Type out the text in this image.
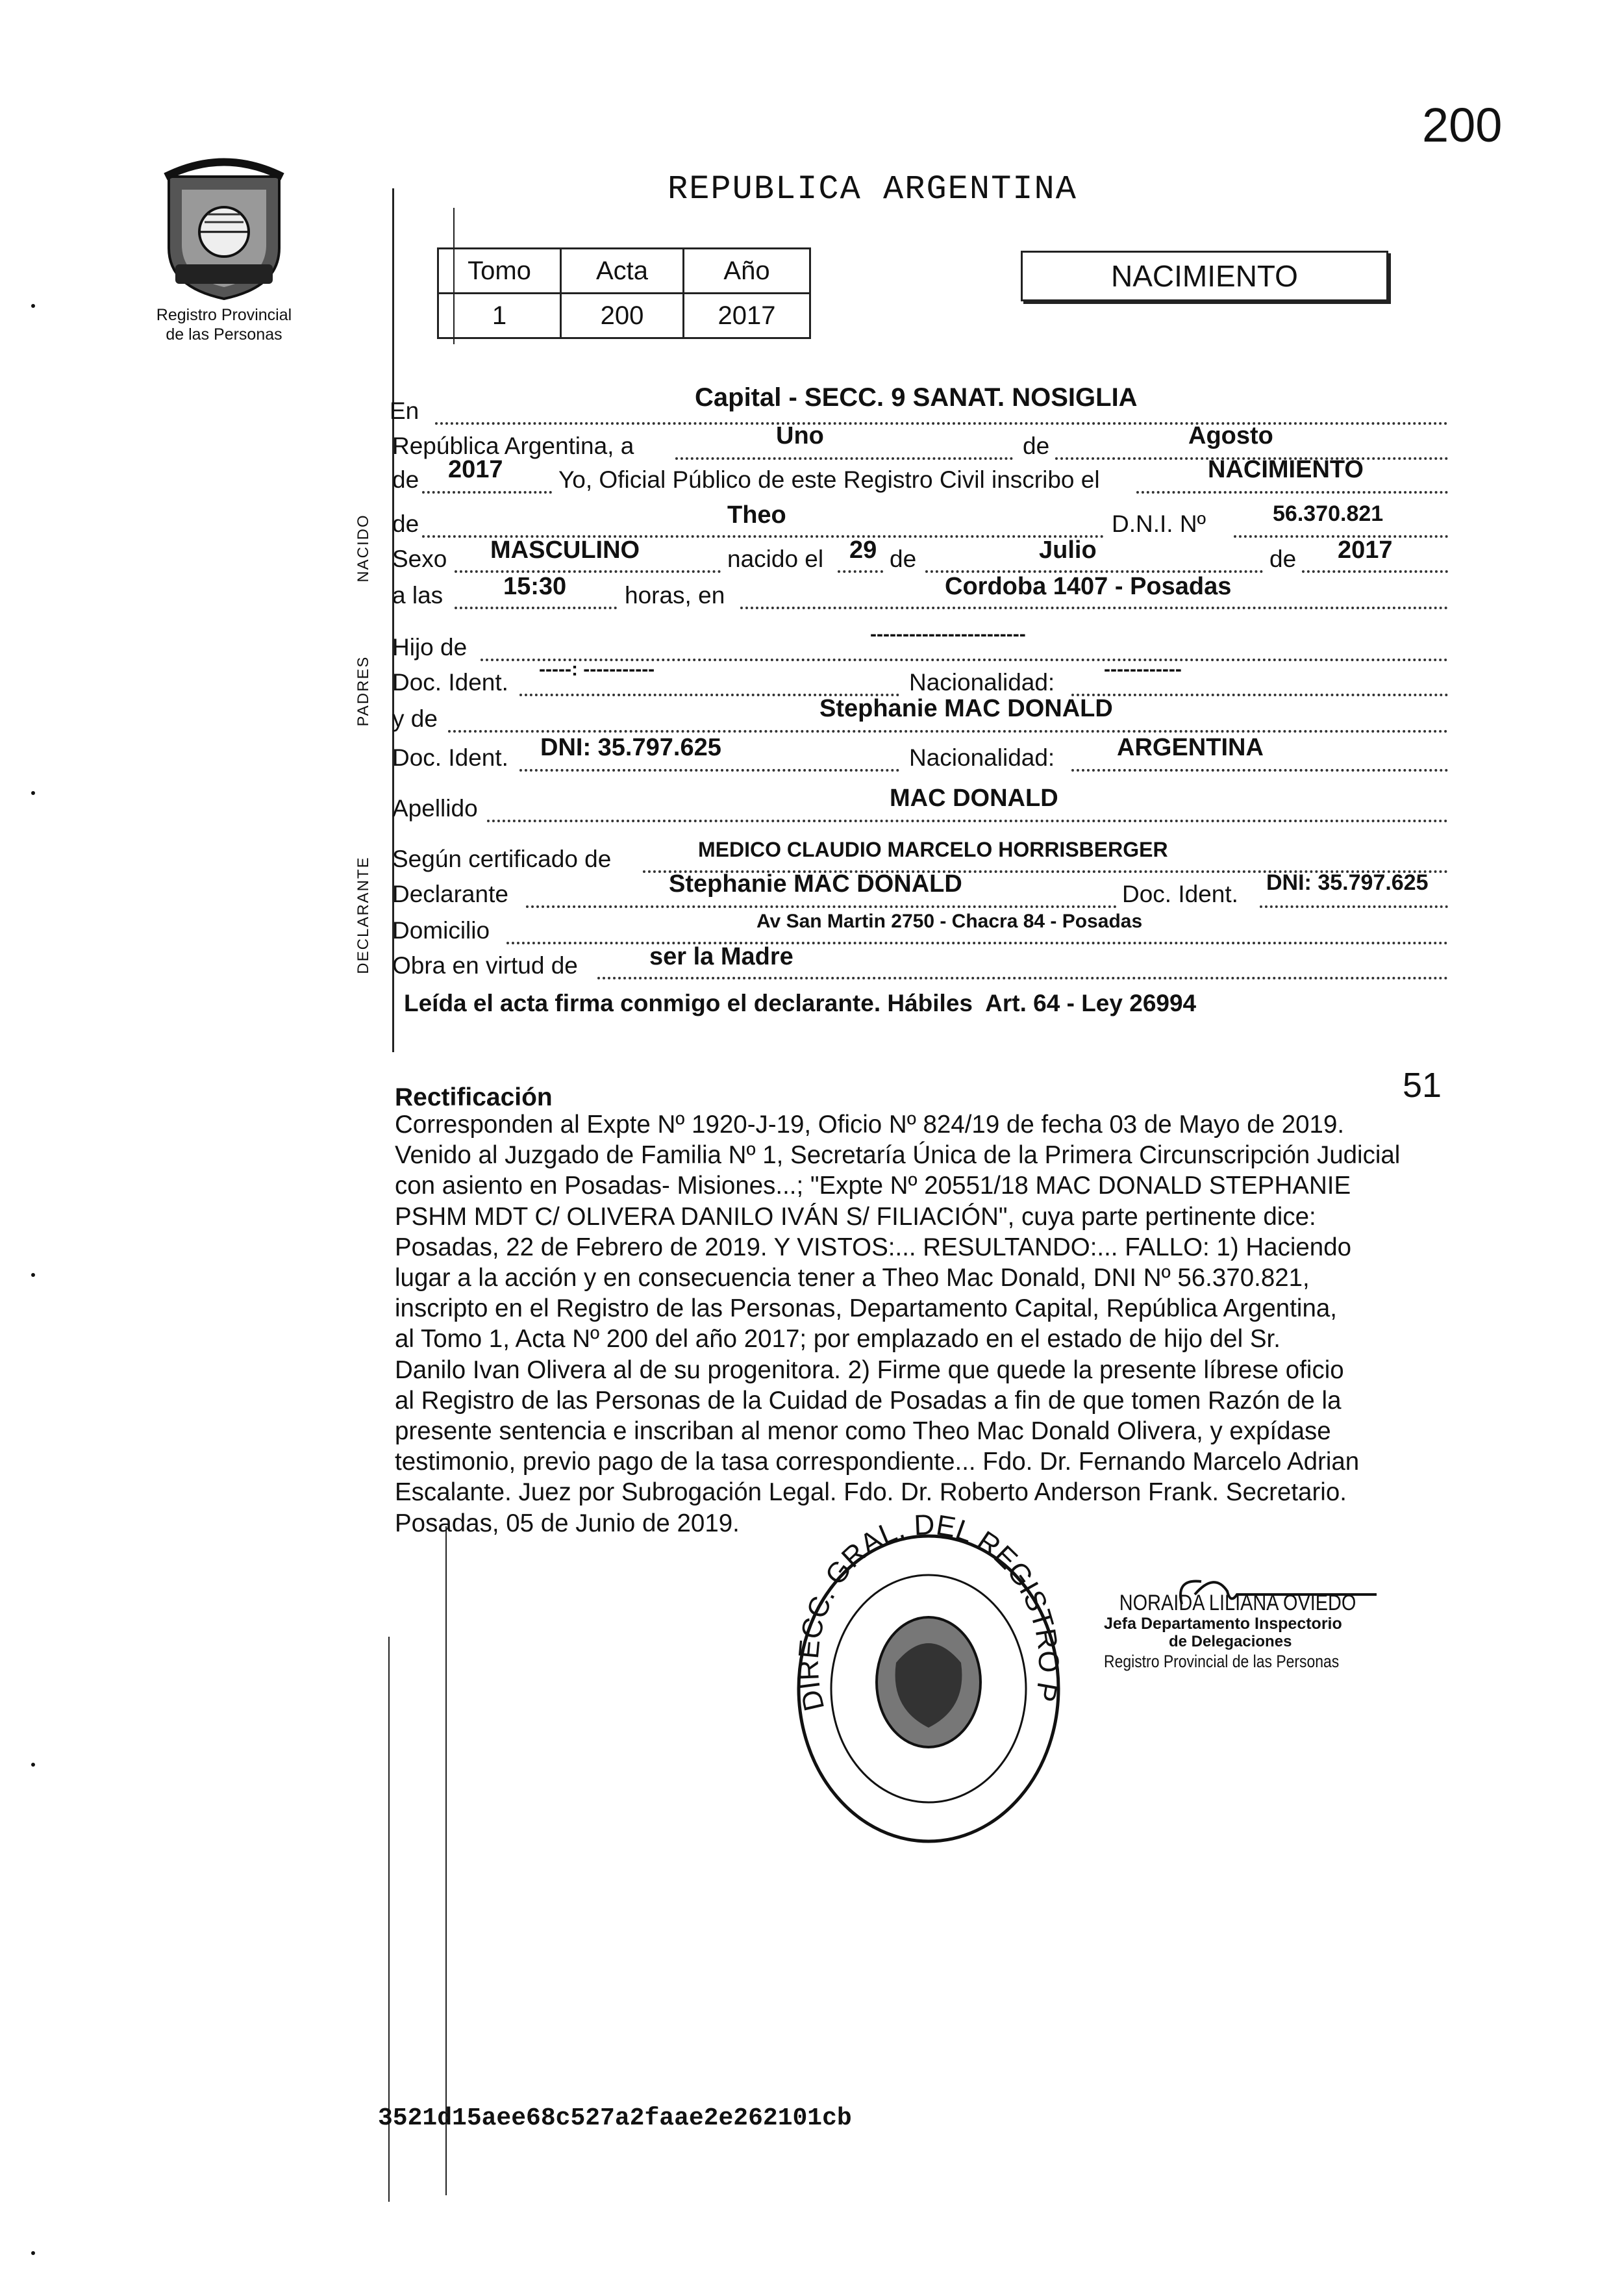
200
Registro Provincial
de las Personas
REPUBLICA ARGENTINA
Tomo	Acta	Año
1	200	2017
NACIMIENTO
NACIDO
PADRES
DECLARANTE
En	Capital - SECC. 9 SANAT. NOSIGLIA
República Argentina, a	Uno	de	Agosto
de 2017 Yo, Oficial Público de este Registro Civil inscribo el	NACIMIENTO
de	Theo	D.N.I. Nº	56.370.821
Sexo MASCULINO	nacido el 29 de	Julio	de 2017
a las 15:30 horas, en	Cordoba 1407 - Posadas
Hijo de	------------------------
Doc. Ident. -----: -----------	Nacionalidad:	------------
y de	Stephanie MAC DONALD
Doc. Ident. DNI: 35.797.625	Nacionalidad:	ARGENTINA
Apellido	MAC DONALD
Según certificado de	MEDICO CLAUDIO MARCELO HORRISBERGER
Declarante	Stephanie MAC DONALD	Doc. Ident. DNI: 35.797.625
Domicilio	Av San Martin 2750 - Chacra 84 - Posadas
Obra en virtud de	ser la Madre
Leída el acta firma conmigo el declarante. Hábiles  Art. 64 - Ley 26994
51
Rectificación

Corresponden al Expte Nº 1920-J-19, Oficio Nº 824/19 de fecha 03 de Mayo de 2019.

Venido al Juzgado de Familia Nº 1, Secretaría Única de la Primera Circunscripción Judicial

con asiento en Posadas- Misiones...; "Expte Nº 20551/18 MAC DONALD STEPHANIE

PSHM MDT C/ OLIVERA DANILO IVÁN S/ FILIACIÓN", cuya parte pertinente dice:

Posadas, 22 de Febrero de 2019. Y VISTOS:... RESULTANDO:... FALLO: 1) Haciendo

lugar a la acción y en consecuencia tener a Theo Mac Donald, DNI Nº 56.370.821,

inscripto en el Registro de las Personas, Departamento Capital, República Argentina,

al Tomo 1, Acta Nº 200 del año 2017; por emplazado en el estado de hijo del Sr.

Danilo Ivan Olivera al de su progenitora. 2) Firme que quede la presente líbrese oficio

al Registro de las Personas de la Cuidad de Posadas a fin de que tomen Razón de la

presente sentencia e inscriban al menor como Theo Mac Donald Olivera, y expídase

testimonio, previo pago de la tasa correspondiente... Fdo. Dr. Fernando Marcelo Adrian

Escalante. Juez por Subrogación Legal. Fdo. Dr. Roberto Anderson Frank. Secretario.

Posadas, 05 de Junio de 2019.

DIRECC. GRAL. DEL REGISTRO P
NORAIDA LILIANA OVIEDO
Jefa Departamento Inspectorio
de Delegaciones
Registro Provincial de las Personas
3521d15aee68c527a2faae2e262101cb
